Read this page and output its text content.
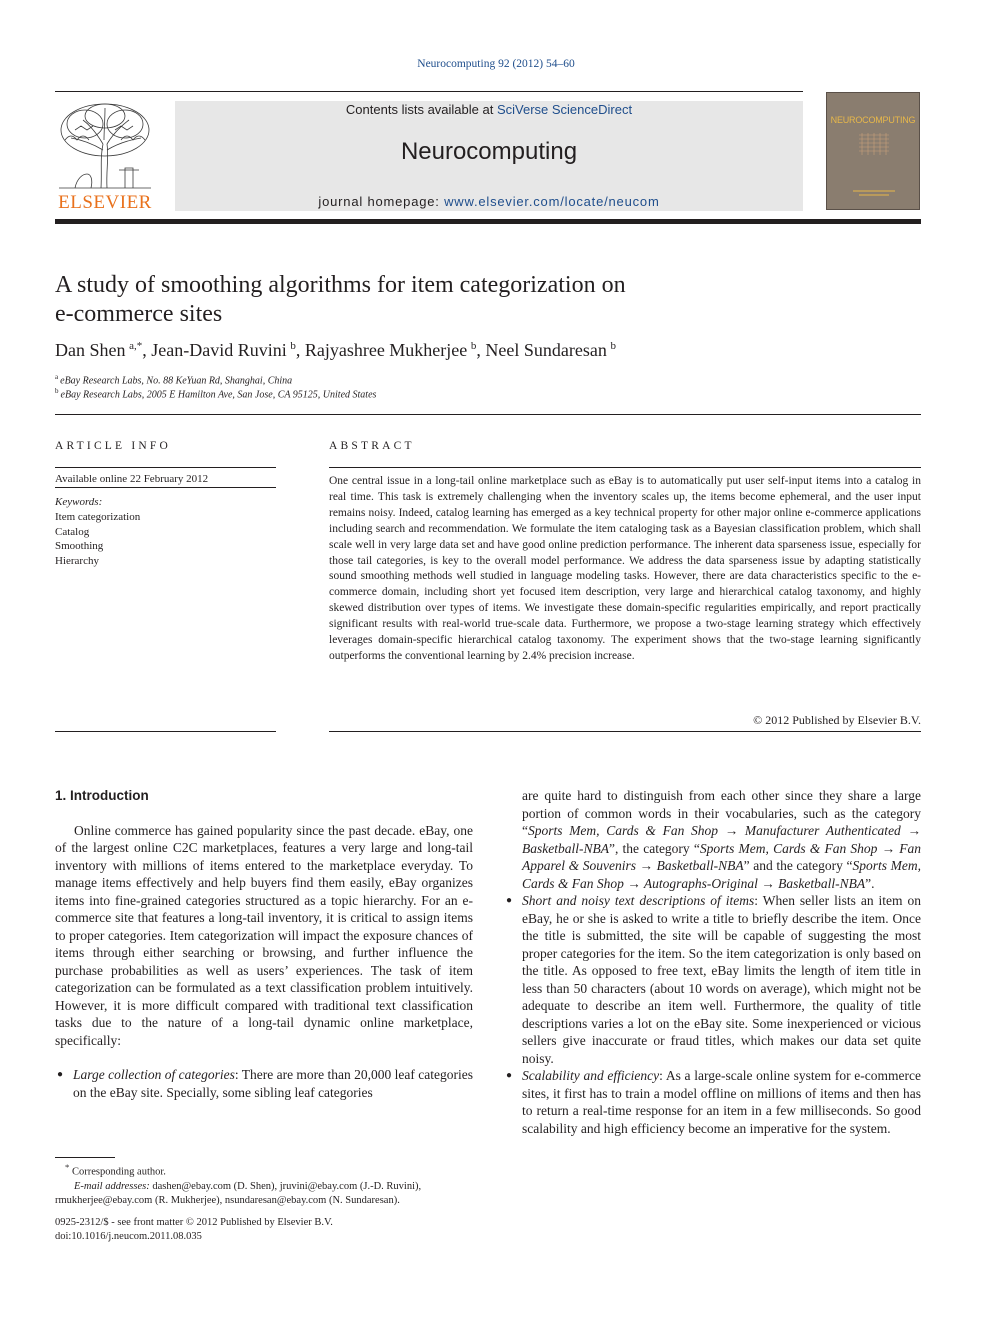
Neurocomputing 92 (2012) 54–60
ELSEVIER
Contents lists available at SciVerse ScienceDirect
Neurocomputing
journal homepage: www.elsevier.com/locate/neucom
NEUROCOMPUTING
A study of smoothing algorithms for item categorization on
e-commerce sites
Dan Shen  $^{a,*}$, Jean-David Ruvini  $^b$, Rajyashree Mukherjee  $^b$, Neel Sundaresan  $^b$
$^a$  eBay Research Labs, No. 88 KeYuan Rd, Shanghai, China
$^b$  eBay Research Labs, 2005 E Hamilton Ave, San Jose, CA 95125, United States
ARTICLE INFO
Available online 22 February 2012
Keywords:
Item categorization
Catalog
Smoothing
Hierarchy
ABSTRACT
One central issue in a long-tail online marketplace such as eBay is to automatically put user self-input items into a catalog in real time. This task is extremely challenging when the inventory scales up, the items become ephemeral, and the user input remains noisy. Indeed, catalog learning has emerged as a key technical property for other major online e-commerce applications including search and recommendation. We formulate the item cataloging task as a Bayesian classification problem, which shall scale well in very large data set and have good online prediction performance. The inherent data sparseness issue, especially for those tail categories, is key to the overall model performance. We address the data sparseness issue by adapting statistically sound smoothing methods well studied in language modeling tasks. However, there are data characteristics specific to the e-commerce domain, including short yet focused item description, very large and hierarchical catalog taxonomy, and highly skewed distribution over types of items. We investigate these domain-specific regularities empirically, and report practically significant results with real-world true-scale data. Furthermore, we propose a two-stage learning strategy which effectively leverages domain-specific hierarchical catalog taxonomy. The experiment shows that the two-stage learning significantly outperforms the conventional learning by 2.4% precision increase.
© 2012 Published by Elsevier B.V.
1. Introduction

Online commerce has gained popularity since the past decade. eBay, one of the largest online C2C marketplaces, features a very large and long-tail inventory with millions of items entered to the marketplace everyday. To manage items effectively and help buyers find them easily, eBay organizes items into fine-grained categories structured as a topic hierarchy. For an e-commerce site that features a long-tail inventory, it is critical to assign items to proper categories. Item categorization will impact the exposure chances of items through either searching or browsing, and further influence the purchase probabilities as well as users’ experiences. The task of item categorization can be formulated as a text classification problem intuitively. However, it is more difficult compared with traditional text classification tasks due to the nature of a long-tail dynamic online marketplace, specifically:

● Large collection of categories: There are more than 20,000 leaf categories on the eBay site. Specially, some sibling leaf categories
* Corresponding author.
E-mail addresses: dashen@ebay.com (D. Shen), jruvini@ebay.com (J.-D. Ruvini),
rmukherjee@ebay.com (R. Mukherjee), nsundaresan@ebay.com (N. Sundaresan).
0925-2312/$ - see front matter © 2012 Published by Elsevier B.V.
doi:10.1016/j.neucom.2011.08.035

are quite hard to distinguish from each other since they share a large portion of common words in their vocabularies, such as the category “Sports Mem, Cards & Fan Shop → Manufacturer Authenticated → Basketball-NBA”, the category “Sports Mem, Cards & Fan Shop → Fan Apparel & Souvenirs → Basketball-NBA” and the category “Sports Mem, Cards & Fan Shop → Autographs-Original → Basketball-NBA”.

● Short and noisy text descriptions of items: When seller lists an item on eBay, he or she is asked to write a title to briefly describe the item. Once the title is submitted, the site will be capable of suggesting the most proper categories for the item. So the item categorization is only based on the title. As opposed to free text, eBay limits the length of item title in less than 50 characters (about 10 words on average), which might not be adequate to describe an item well. Furthermore, the quality of title descriptions varies a lot on the eBay site. Some inexperienced or vicious sellers give inaccurate or fraud titles, which makes our data set quite noisy.
● Scalability and efficiency: As a large-scale online system for e-commerce sites, it first has to train a model offline on millions of items and then has to return a real-time response for an item in a few milliseconds. So good scalability and high efficiency become an imperative for the system.
